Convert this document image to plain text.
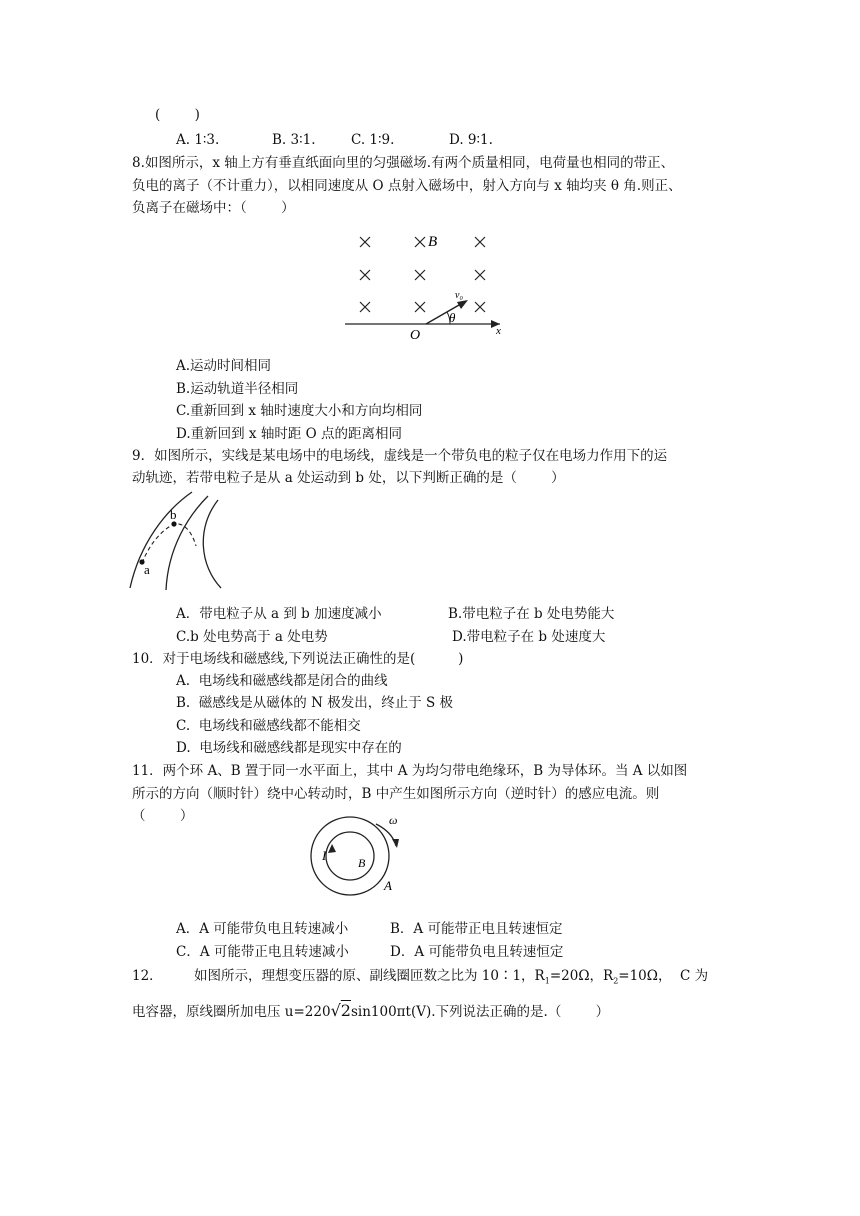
(        )
A. 1∶3.	B. 3∶1.	C. 1∶9.	D. 9∶1.
8.如图所示，x 轴上方有垂直纸面向里的匀强磁场.有两个质量相同，电荷量也相同的带正、
负电的离子（不计重力），以相同速度从 O 点射入磁场中，射入方向与 x 轴均夹 θ 角.则正、
负离子在磁场中：（        ）
B
v₀
θ
O	x
A.运动时间相同
B.运动轨道半径相同
C.重新回到 x 轴时速度大小和方向均相同
D.重新回到 x 轴时距 O 点的距离相同
9．如图所示，实线是某电场中的电场线，虚线是一个带负电的粒子仅在电场力作用下的运
动轨迹，若带电粒子是从 a 处运动到 b 处，以下判断正确的是（        ）
a
b
A．带电粒子从 a 到 b 加速度减小	B.带电粒子在 b 处电势能大
C.b 处电势高于 a 处电势	D.带电粒子在 b 处速度大
10．对于电场线和磁感线,下列说法正确性的是(          )
A.  电场线和磁感线都是闭合的曲线
B.  磁感线是从磁体的 N 极发出，终止于 S 极
C.  电场线和磁感线都不能相交
D.  电场线和磁感线都是现实中存在的
11．两个环 A、B 置于同一水平面上，其中 A 为均匀带电绝缘环，B 为导体环。当 A 以如图
所示的方向（顺时针）绕中心转动时，B 中产生如图所示方向（逆时针）的感应电流。则
（        ）	ω
I	B
A
A．A 可能带负电且转速减小	B．A 可能带正电且转速恒定
C．A 可能带正电且转速减小	D．A 可能带负电且转速恒定
12． 如图所示，理想变压器的原、副线圈匝数之比为 10∶1，$R_1=20\Omega$，$R_2=10\Omega$，  C 为
电容器，原线圈所加电压 u=220√2sin100πt(V).下列说法正确的是.（        ）
